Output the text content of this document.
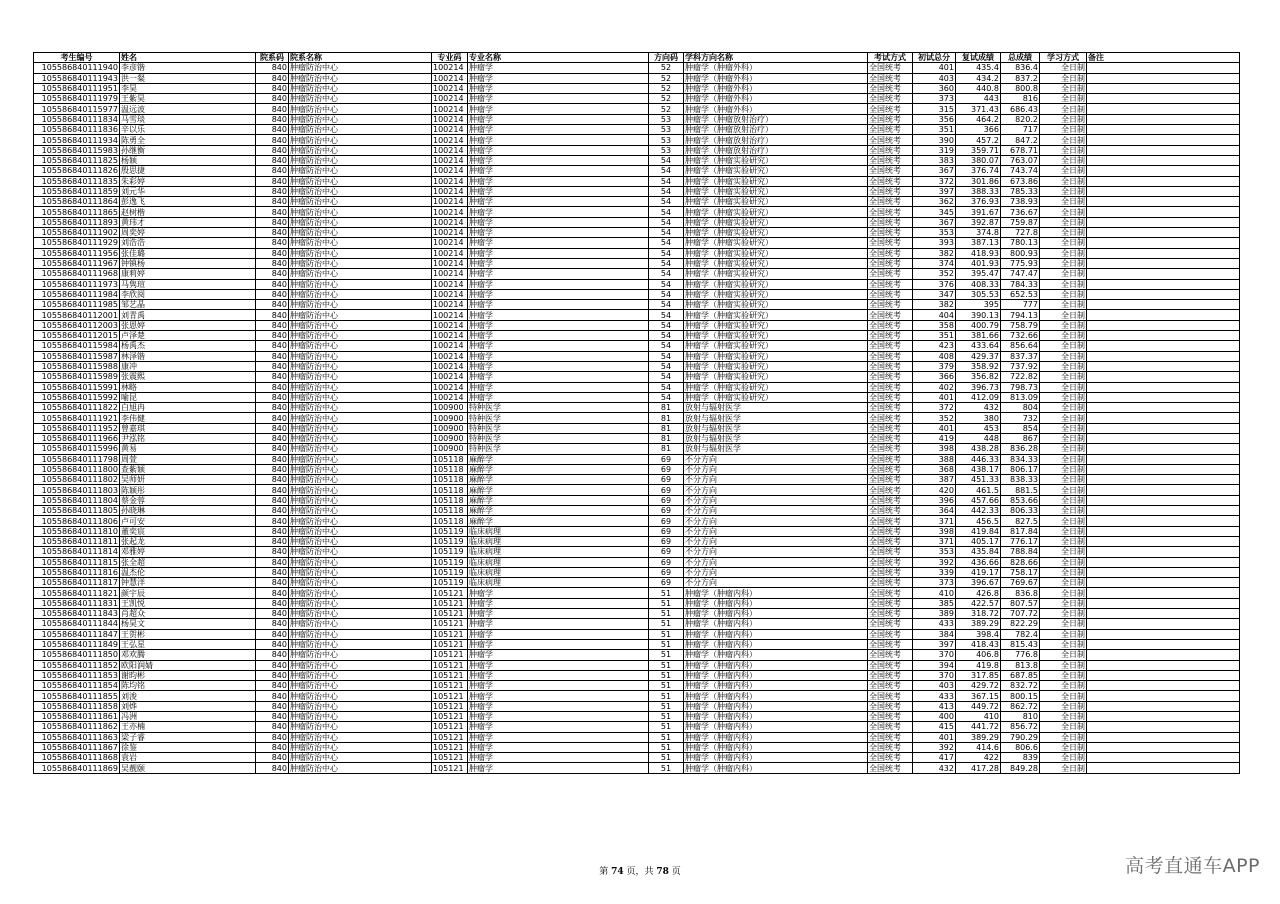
考生编号	姓名	院系码	院系名称	专业码	专业名称	方向码	学科方向名称	考试方式	初试总分	复试成绩	总成绩	学习方式	备注
105586840111940	李彦锴	840	肿瘤防治中心	100214	肿瘤学	52	肿瘤学（肿瘤外科）	全国统考	401	435.4	836.4	全日制	
105586840111943	洪一粲	840	肿瘤防治中心	100214	肿瘤学	52	肿瘤学（肿瘤外科）	全国统考	403	434.2	837.2	全日制	
105586840111951	李昊	840	肿瘤防治中心	100214	肿瘤学	52	肿瘤学（肿瘤外科）	全国统考	360	440.8	800.8	全日制	
105586840111979	王紫昊	840	肿瘤防治中心	100214	肿瘤学	52	肿瘤学（肿瘤外科）	全国统考	373	443	816	全日制	
105586840115977	温远波	840	肿瘤防治中心	100214	肿瘤学	52	肿瘤学（肿瘤外科）	全国统考	315	371.43	686.43	全日制	
105586840111834	马雪琰	840	肿瘤防治中心	100214	肿瘤学	53	肿瘤学（肿瘤放射治疗）	全国统考	356	464.2	820.2	全日制	
105586840111836	辛以乐	840	肿瘤防治中心	100214	肿瘤学	53	肿瘤学（肿瘤放射治疗）	全国统考	351	366	717	全日制	
105586840111934	陈勇全	840	肿瘤防治中心	100214	肿瘤学	53	肿瘤学（肿瘤放射治疗）	全国统考	390	457.2	847.2	全日制	
105586840115983	孙继衡	840	肿瘤防治中心	100214	肿瘤学	53	肿瘤学（肿瘤放射治疗）	全国统考	319	359.71	678.71	全日制	
105586840111825	杨颖	840	肿瘤防治中心	100214	肿瘤学	54	肿瘤学（肿瘤实验研究）	全国统考	383	380.07	763.07	全日制	
105586840111826	殷思捷	840	肿瘤防治中心	100214	肿瘤学	54	肿瘤学（肿瘤实验研究）	全国统考	367	376.74	743.74	全日制	
105586840111835	朱彩婷	840	肿瘤防治中心	100214	肿瘤学	54	肿瘤学（肿瘤实验研究）	全国统考	372	301.86	673.86	全日制	
105586840111859	刘元华	840	肿瘤防治中心	100214	肿瘤学	54	肿瘤学（肿瘤实验研究）	全国统考	397	388.33	785.33	全日制	
105586840111864	彭逸飞	840	肿瘤防治中心	100214	肿瘤学	54	肿瘤学（肿瘤实验研究）	全国统考	362	376.93	738.93	全日制	
105586840111865	赵树楷	840	肿瘤防治中心	100214	肿瘤学	54	肿瘤学（肿瘤实验研究）	全国统考	345	391.67	736.67	全日制	
105586840111893	黄玮才	840	肿瘤防治中心	100214	肿瘤学	54	肿瘤学（肿瘤实验研究）	全国统考	367	392.87	759.87	全日制	
105586840111902	周奕婷	840	肿瘤防治中心	100214	肿瘤学	54	肿瘤学（肿瘤实验研究）	全国统考	353	374.8	727.8	全日制	
105586840111929	刘浩浩	840	肿瘤防治中心	100214	肿瘤学	54	肿瘤学（肿瘤实验研究）	全国统考	393	387.13	780.13	全日制	
105586840111956	张佳璐	840	肿瘤防治中心	100214	肿瘤学	54	肿瘤学（肿瘤实验研究）	全国统考	382	418.93	800.93	全日制	
105586840111967	钟镇杨	840	肿瘤防治中心	100214	肿瘤学	54	肿瘤学（肿瘤实验研究）	全国统考	374	401.93	775.93	全日制	
105586840111968	康莉婷	840	肿瘤防治中心	100214	肿瘤学	54	肿瘤学（肿瘤实验研究）	全国统考	352	395.47	747.47	全日制	
105586840111973	马隽瑄	840	肿瘤防治中心	100214	肿瘤学	54	肿瘤学（肿瘤实验研究）	全国统考	376	408.33	784.33	全日制	
105586840111984	李欣阅	840	肿瘤防治中心	100214	肿瘤学	54	肿瘤学（肿瘤实验研究）	全国统考	347	305.53	652.53	全日制	
105586840111985	邹艺晶	840	肿瘤防治中心	100214	肿瘤学	54	肿瘤学（肿瘤实验研究）	全国统考	382	395	777	全日制	
105586840112001	刘青禹	840	肿瘤防治中心	100214	肿瘤学	54	肿瘤学（肿瘤实验研究）	全国统考	404	390.13	794.13	全日制	
105586840112003	张恩婷	840	肿瘤防治中心	100214	肿瘤学	54	肿瘤学（肿瘤实验研究）	全国统考	358	400.79	758.79	全日制	
105586840112015	卢泽楚	840	肿瘤防治中心	100214	肿瘤学	54	肿瘤学（肿瘤实验研究）	全国统考	351	381.66	732.66	全日制	
105586840115984	杨禹杰	840	肿瘤防治中心	100214	肿瘤学	54	肿瘤学（肿瘤实验研究）	全国统考	423	433.64	856.64	全日制	
105586840115987	林泽锴	840	肿瘤防治中心	100214	肿瘤学	54	肿瘤学（肿瘤实验研究）	全国统考	408	429.37	837.37	全日制	
105586840115988	康冲	840	肿瘤防治中心	100214	肿瘤学	54	肿瘤学（肿瘤实验研究）	全国统考	379	358.92	737.92	全日制	
105586840115989	张震熙	840	肿瘤防治中心	100214	肿瘤学	54	肿瘤学（肿瘤实验研究）	全国统考	366	356.82	722.82	全日制	
105586840115991	林略	840	肿瘤防治中心	100214	肿瘤学	54	肿瘤学（肿瘤实验研究）	全国统考	402	396.73	798.73	全日制	
105586840115992	喻昆	840	肿瘤防治中心	100214	肿瘤学	54	肿瘤学（肿瘤实验研究）	全国统考	401	412.09	813.09	全日制	
105586840111822	白旭冉	840	肿瘤防治中心	100900	特种医学	81	放射与辐射医学	全国统考	372	432	804	全日制	
105586840111921	李伟健	840	肿瘤防治中心	100900	特种医学	81	放射与辐射医学	全国统考	352	380	732	全日制	
105586840111952	曾嘉琪	840	肿瘤防治中心	100900	特种医学	81	放射与辐射医学	全国统考	401	453	854	全日制	
105586840111966	尹泓铭	840	肿瘤防治中心	100900	特种医学	81	放射与辐射医学	全国统考	419	448	867	全日制	
105586840115996	黄易	840	肿瘤防治中心	100900	特种医学	81	放射与辐射医学	全国统考	398	438.28	836.28	全日制	
105586840111798	周萱	840	肿瘤防治中心	105118	麻醉学	69	不分方向	全国统考	388	446.33	834.33	全日制	
105586840111800	查紫颖	840	肿瘤防治中心	105118	麻醉学	69	不分方向	全国统考	368	438.17	806.17	全日制	
105586840111802	吴师妍	840	肿瘤防治中心	105118	麻醉学	69	不分方向	全国统考	387	451.33	838.33	全日制	
105586840111803	陈颖彤	840	肿瘤防治中心	105118	麻醉学	69	不分方向	全国统考	420	461.5	881.5	全日制	
105586840111804	蔡金蓉	840	肿瘤防治中心	105118	麻醉学	69	不分方向	全国统考	396	457.66	853.66	全日制	
105586840111805	孙晓琳	840	肿瘤防治中心	105118	麻醉学	69	不分方向	全国统考	364	442.33	806.33	全日制	
105586840111806	卢可安	840	肿瘤防治中心	105118	麻醉学	69	不分方向	全国统考	371	456.5	827.5	全日制	
105586840111810	董奕宸	840	肿瘤防治中心	105119	临床病理	69	不分方向	全国统考	398	419.84	817.84	全日制	
105586840111811	张起龙	840	肿瘤防治中心	105119	临床病理	69	不分方向	全国统考	371	405.17	776.17	全日制	
105586840111814	邓雅婷	840	肿瘤防治中心	105119	临床病理	69	不分方向	全国统考	353	435.84	788.84	全日制	
105586840111815	张全超	840	肿瘤防治中心	105119	临床病理	69	不分方向	全国统考	392	436.66	828.66	全日制	
105586840111816	温杰伦	840	肿瘤防治中心	105119	临床病理	69	不分方向	全国统考	339	419.17	758.17	全日制	
105586840111817	钟慧洋	840	肿瘤防治中心	105119	临床病理	69	不分方向	全国统考	373	396.67	769.67	全日制	
105586840111821	颜宇辰	840	肿瘤防治中心	105121	肿瘤学	51	肿瘤学（肿瘤内科）	全国统考	410	426.8	836.8	全日制	
105586840111831	王凯悦	840	肿瘤防治中心	105121	肿瘤学	51	肿瘤学（肿瘤内科）	全国统考	385	422.57	807.57	全日制	
105586840111843	肖超众	840	肿瘤防治中心	105121	肿瘤学	51	肿瘤学（肿瘤内科）	全国统考	389	318.72	707.72	全日制	
105586840111844	杨昊文	840	肿瘤防治中心	105121	肿瘤学	51	肿瘤学（肿瘤内科）	全国统考	433	389.29	822.29	全日制	
105586840111847	王贺彬	840	肿瘤防治中心	105121	肿瘤学	51	肿瘤学（肿瘤内科）	全国统考	384	398.4	782.4	全日制	
105586840111849	王弘星	840	肿瘤防治中心	105121	肿瘤学	51	肿瘤学（肿瘤内科）	全国统考	397	418.43	815.43	全日制	
105586840111850	邓欢腾	840	肿瘤防治中心	105121	肿瘤学	51	肿瘤学（肿瘤内科）	全国统考	370	406.8	776.8	全日制	
105586840111852	欧阳润婧	840	肿瘤防治中心	105121	肿瘤学	51	肿瘤学（肿瘤内科）	全国统考	394	419.8	813.8	全日制	
105586840111853	谢昀彬	840	肿瘤防治中心	105121	肿瘤学	51	肿瘤学（肿瘤内科）	全国统考	370	317.85	687.85	全日制	
105586840111854	陈均铭	840	肿瘤防治中心	105121	肿瘤学	51	肿瘤学（肿瘤内科）	全国统考	403	429.72	832.72	全日制	
105586840111855	刘浚	840	肿瘤防治中心	105121	肿瘤学	51	肿瘤学（肿瘤内科）	全国统考	433	367.15	800.15	全日制	
105586840111858	刘烨	840	肿瘤防治中心	105121	肿瘤学	51	肿瘤学（肿瘤内科）	全国统考	413	449.72	862.72	全日制	
105586840111861	冯洲	840	肿瘤防治中心	105121	肿瘤学	51	肿瘤学（肿瘤内科）	全国统考	400	410	810	全日制	
105586840111862	王亦楠	840	肿瘤防治中心	105121	肿瘤学	51	肿瘤学（肿瘤内科）	全国统考	415	441.72	856.72	全日制	
105586840111863	梁子睿	840	肿瘤防治中心	105121	肿瘤学	51	肿瘤学（肿瘤内科）	全国统考	401	389.29	790.29	全日制	
105586840111867	徐鉴	840	肿瘤防治中心	105121	肿瘤学	51	肿瘤学（肿瘤内科）	全国统考	392	414.6	806.6	全日制	
105586840111868	袁岩	840	肿瘤防治中心	105121	肿瘤学	51	肿瘤学（肿瘤内科）	全国统考	417	422	839	全日制	
105586840111869	吴靓颐	840	肿瘤防治中心	105121	肿瘤学	51	肿瘤学（肿瘤内科）	全国统考	432	417.28	849.28	全日制	
第 74 页，共 78 页	高考直通车APP
